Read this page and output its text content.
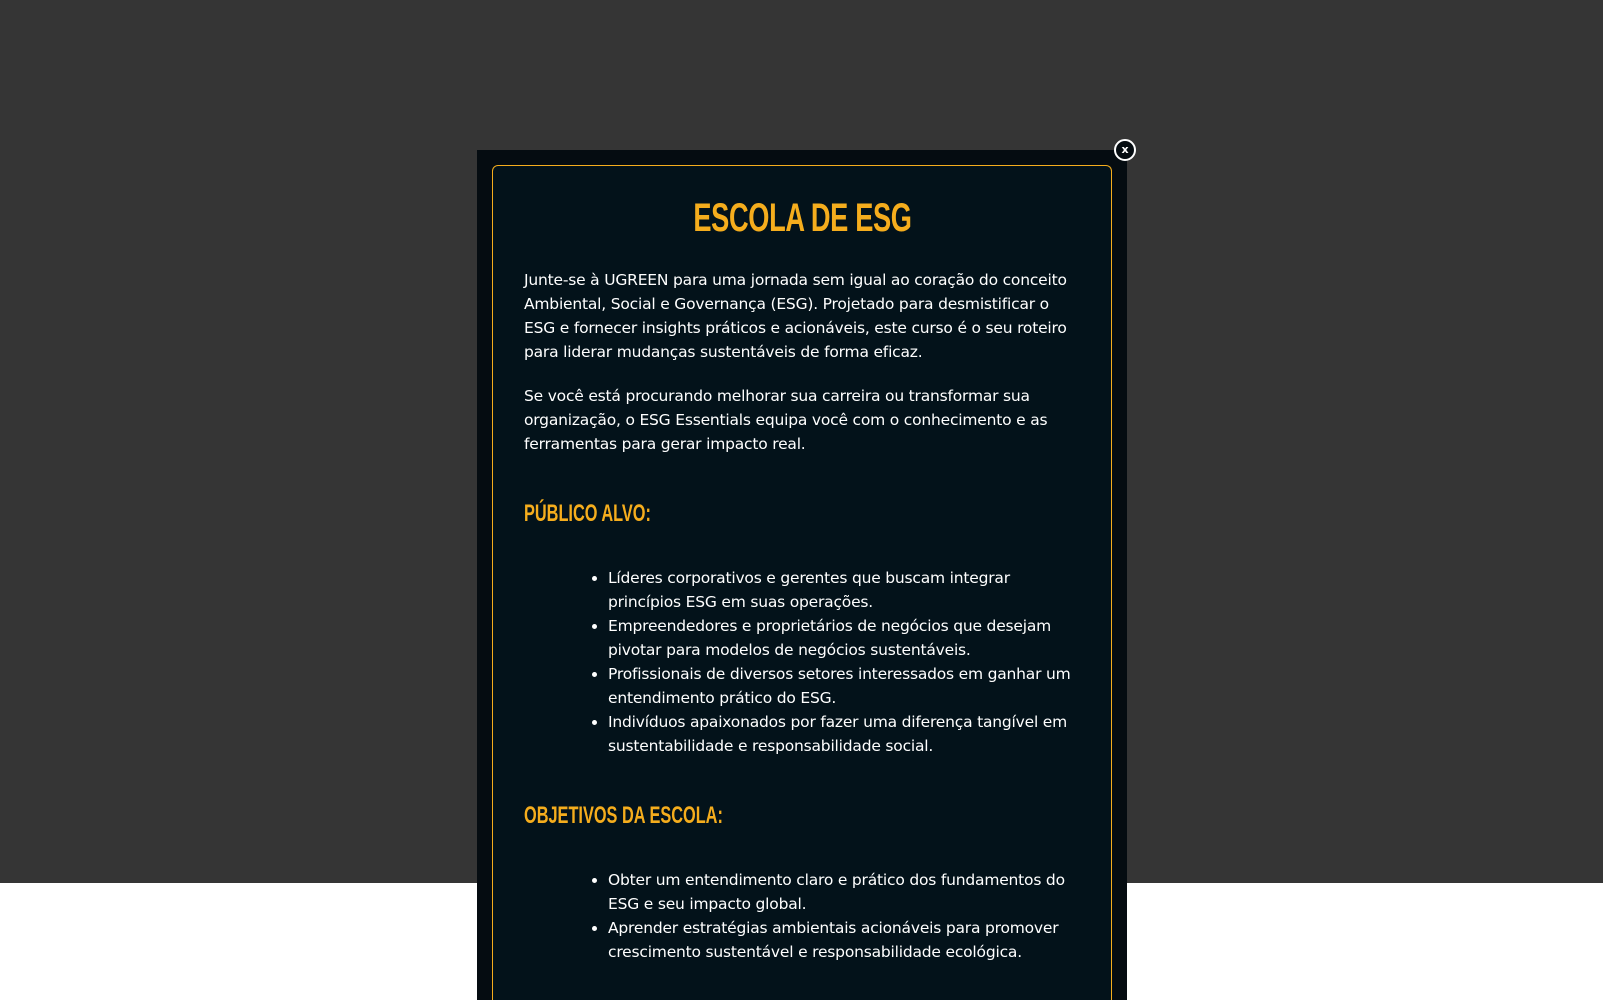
ESCOLA DE ESG

Junte-se à UGREEN para uma jornada sem igual ao coração do conceito Ambiental, Social e Governança (ESG). Projetado para desmistificar o ESG e fornecer insights práticos e acionáveis, este curso é o seu roteiro para liderar mudanças sustentáveis de forma eficaz.

Se você está procurando melhorar sua carreira ou transformar sua organização, o ESG Essentials equipa você com o conhecimento e as ferramentas para gerar impacto real.

PÚBLICO ALVO:
• Líderes corporativos e gerentes que buscam integrar princípios ESG em suas operações.
• Empreendedores e proprietários de negócios que desejam pivotar para modelos de negócios sustentáveis.
• Profissionais de diversos setores interessados em ganhar um entendimento prático do ESG.
• Indivíduos apaixonados por fazer uma diferença tangível em sustentabilidade e responsabilidade social.
OBJETIVOS DA ESCOLA:
• Obter um entendimento claro e prático dos fundamentos do ESG e seu impacto global.
• Aprender estratégias ambientais acionáveis para promover crescimento sustentável e responsabilidade ecológica.
x
